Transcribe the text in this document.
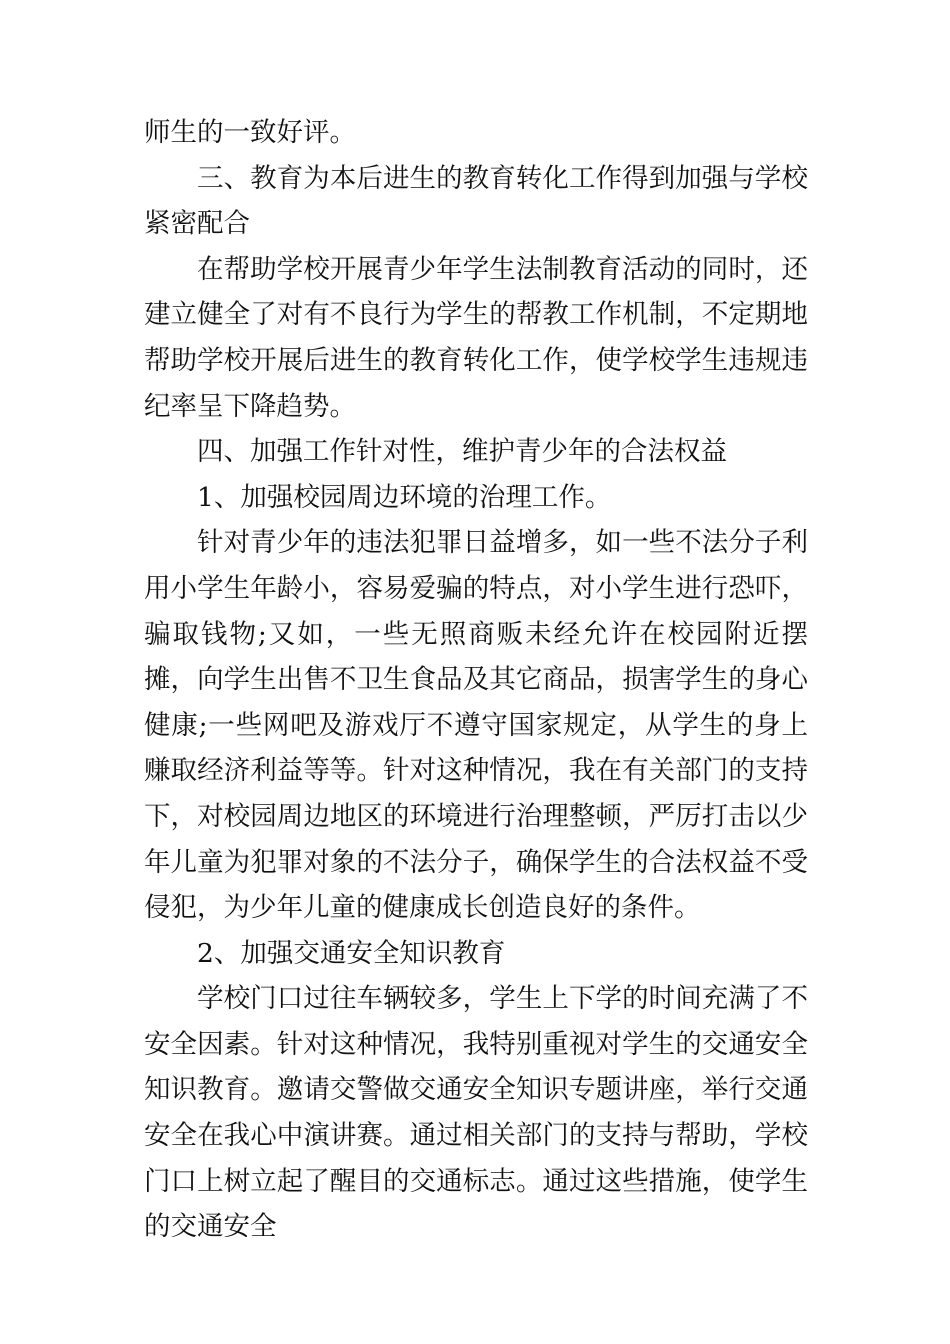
师生的一致好评。

三、教育为本后进生的教育转化工作得到加强与学校紧密配合

在帮助学校开展青少年学生法制教育活动的同时，还建立健全了对有不良行为学生的帮教工作机制，不定期地帮助学校开展后进生的教育转化工作，使学校学生违规违纪率呈下降趋势。

四、加强工作针对性，维护青少年的合法权益

1、加强校园周边环境的治理工作。

针对青少年的违法犯罪日益增多，如一些不法分子利用小学生年龄小，容易爱骗的特点，对小学生进行恐吓，骗取钱物;又如，一些无照商贩未经允许在校园附近摆摊，向学生出售不卫生食品及其它商品，损害学生的身心健康;一些网吧及游戏厅不遵守国家规定，从学生的身上赚取经济利益等等。针对这种情况，我在有关部门的支持下，对校园周边地区的环境进行治理整顿，严厉打击以少年儿童为犯罪对象的不法分子，确保学生的合法权益不受侵犯，为少年儿童的健康成长创造良好的条件。

2、加强交通安全知识教育

学校门口过往车辆较多，学生上下学的时间充满了不安全因素。针对这种情况，我特别重视对学生的交通安全知识教育。邀请交警做交通安全知识专题讲座，举行交通安全在我心中演讲赛。通过相关部门的支持与帮助，学校门口上树立起了醒目的交通标志。通过这些措施，使学生的交通安全
